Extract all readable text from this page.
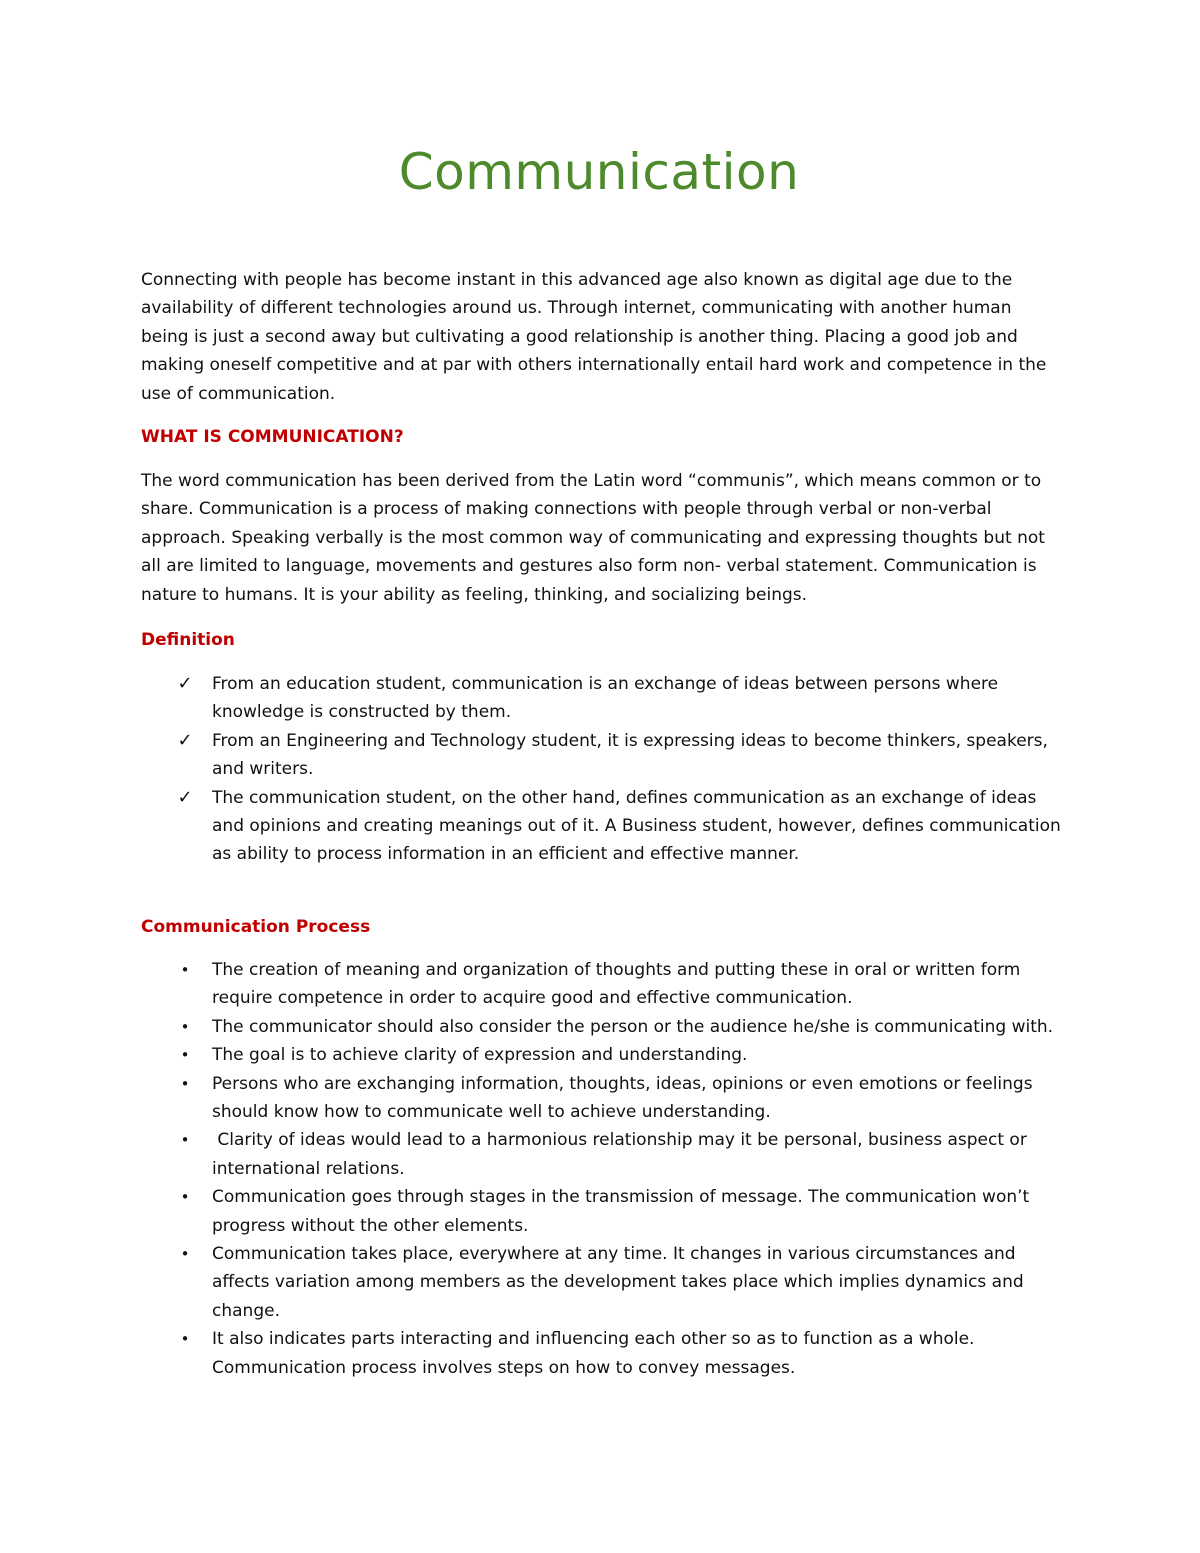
Communication

Connecting with people has become instant in this advanced age also known as digital age due to the availability of different technologies around us. Through internet, communicating with another human being is just a second away but cultivating a good relationship is another thing. Placing a good job and making oneself competitive and at par with others internationally entail hard work and competence in the use of communication.

WHAT IS COMMUNICATION?

The word communication has been derived from the Latin word “communis”, which means common or to share. Communication is a process of making connections with people through verbal or non-verbal approach. Speaking verbally is the most common way of communicating and expressing thoughts but not all are limited to language, movements and gestures also form non- verbal statement. Communication is nature to humans. It is your ability as feeling, thinking, and socializing beings.

Definition

✓ From an education student, communication is an exchange of ideas between persons where knowledge is constructed by them.
✓ From an Engineering and Technology student, it is expressing ideas to become thinkers, speakers, and writers.
✓ The communication student, on the other hand, defines communication as an exchange of ideas and opinions and creating meanings out of it. A Business student, however, defines communication as ability to process information in an efficient and effective manner.

Communication Process

•	The creation of meaning and organization of thoughts and putting these in oral or written form require competence in order to acquire good and effective communication.
•	The communicator should also consider the person or the audience he/she is communicating with.
•	The goal is to achieve clarity of expression and understanding.
•	Persons who are exchanging information, thoughts, ideas, opinions or even emotions or feelings should know how to communicate well to achieve understanding.
•	Clarity of ideas would lead to a harmonious relationship may it be personal, business aspect or international relations.
•	Communication goes through stages in the transmission of message. The communication won’t progress without the other elements.
•	Communication takes place, everywhere at any time. It changes in various circumstances and affects variation among members as the development takes place which implies dynamics and change.
•	It also indicates parts interacting and influencing each other so as to function as a whole. Communication process involves steps on how to convey messages.
